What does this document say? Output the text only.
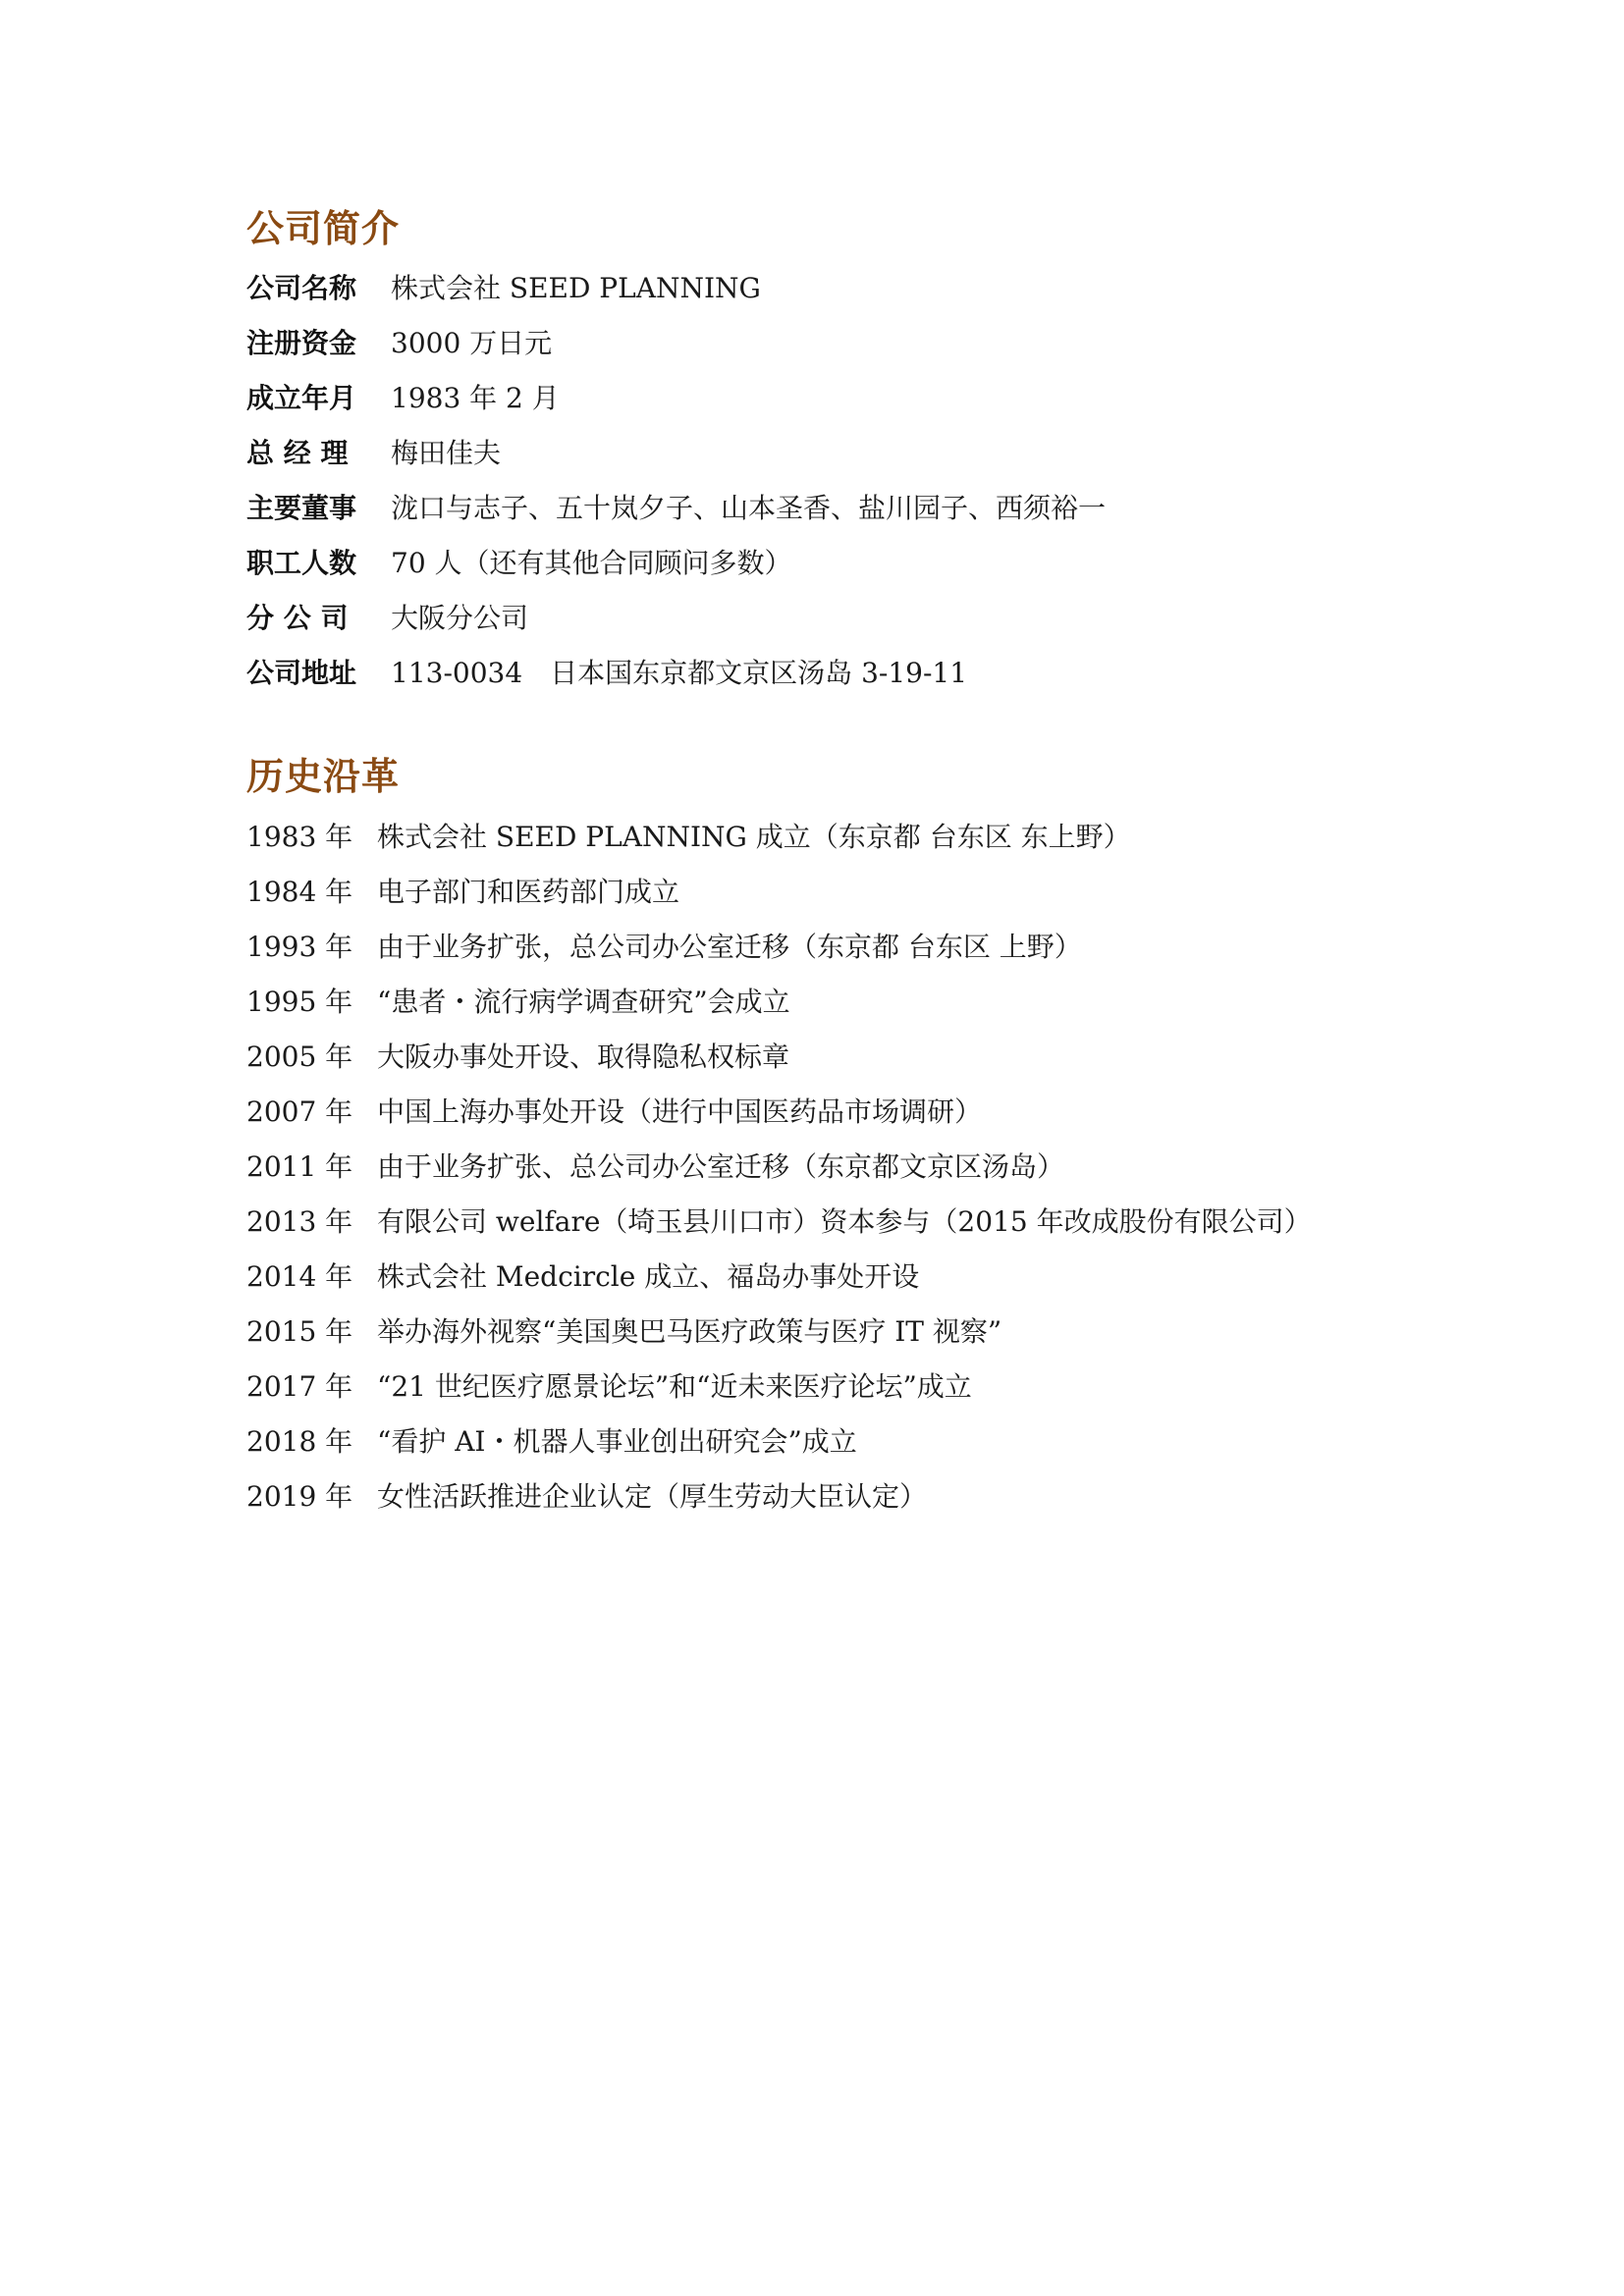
公司简介
公司名称	株式会社 SEED PLANNING
注册资金	3000 万日元
成立年月	1983 年 2 月
总 经 理	梅田佳夫
主要董事	泷口与志子、五十岚夕子、山本圣香、盐川园子、西须裕一
职工人数	70 人（还有其他合同顾问多数）
分 公 司	大阪分公司
公司地址	113-0034　日本国东京都文京区汤岛 3-19-11
历史沿革
1983 年 株式会社 SEED PLANNING 成立（东京都 台东区 东上野）
1984 年 电子部门和医药部门成立
1993 年 由于业务扩张，总公司办公室迁移（东京都 台东区 上野）
1995 年 “患者・流行病学调查研究”会成立
2005 年 大阪办事处开设、取得隐私权标章
2007 年 中国上海办事处开设（进行中国医药品市场调研）
2011 年 由于业务扩张、总公司办公室迁移（东京都文京区汤岛）
2013 年 有限公司 welfare（埼玉县川口市）资本参与（2015 年改成股份有限公司）
2014 年 株式会社 Medcircle 成立、福岛办事处开设
2015 年 举办海外视察“美国奥巴马医疗政策与医疗 IT 视察”
2017 年 “21 世纪医疗愿景论坛”和“近未来医疗论坛”成立
2018 年 “看护 AI・机器人事业创出研究会”成立
2019 年 女性活跃推进企业认定（厚生劳动大臣认定）
